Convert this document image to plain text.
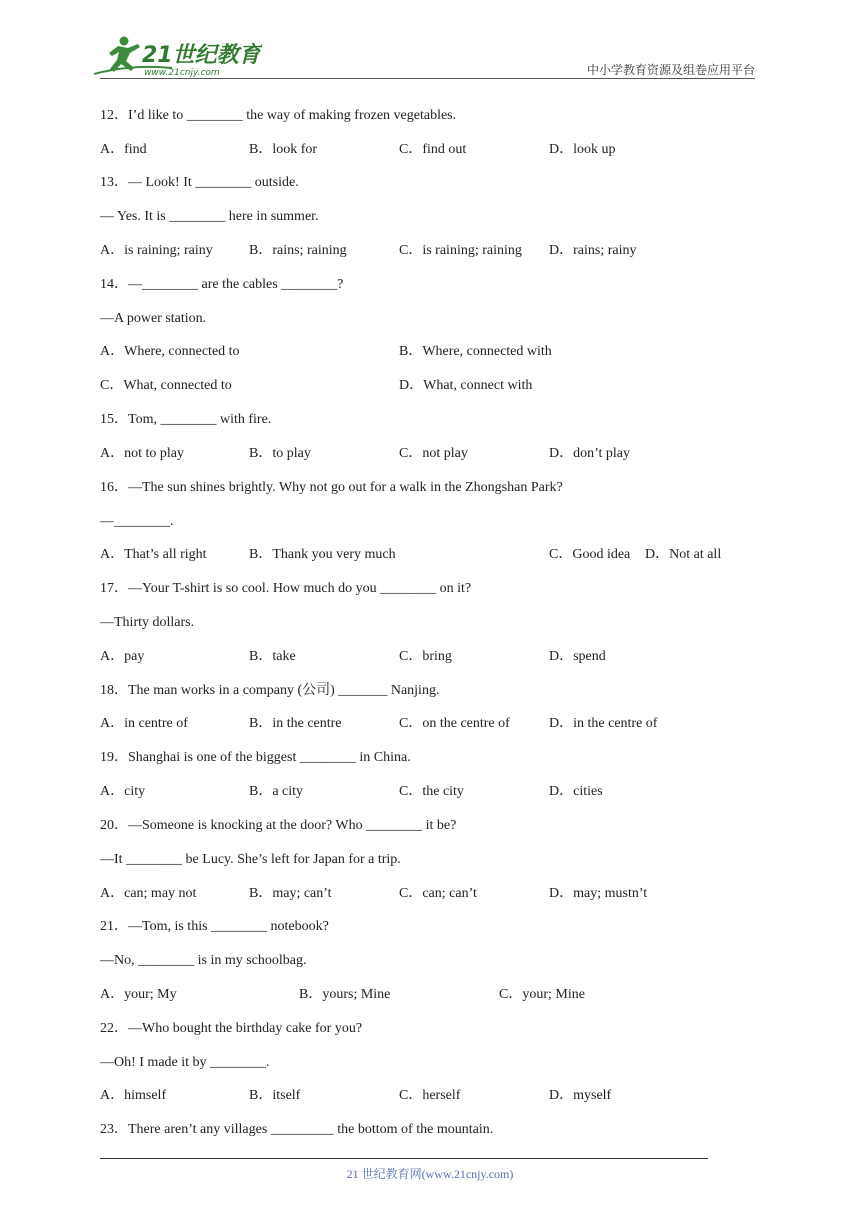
21世纪教育
www.21cnjy.com	中小学教育资源及组卷应用平台
12．I’d like to ________ the way of making frozen vegetables.
A．find	B．look for	C．find out	D．look up
13．— Look! It ________ outside.
— Yes. It is ________ here in summer.
A．is raining; rainy	B．rains; raining	C．is raining; raining D．rains; rainy
14．—________ are the cables ________?
—A power station.
A．Where, connected to	B．Where, connected with
C．What, connected to	D．What, connect with
15．Tom, ________ with fire.
A．not to play	B．to play	C．not play	D．don’t play
16．—The sun shines brightly. Why not go out for a walk in the Zhongshan Park?
—________.
A．That’s all right	B．Thank you very much	C．Good idea D．Not at all
17．—Your T-shirt is so cool. How much do you ________ on it?
—Thirty dollars.
A．pay	B．take	C．bring	D．spend
18．The man works in a company (公司) _______ Nanjing.
A．in centre of	B．in the centre	C．on the centre of	D．in the centre of
19．Shanghai is one of the biggest ________ in China.
A．city	B．a city	C．the city	D．cities
20．—Someone is knocking at the door? Who ________ it be?
—It ________ be Lucy. She’s left for Japan for a trip.
A．can; may not	B．may; can’t	C．can; can’t	D．may; mustn’t
21．—Tom, is this ________ notebook?
—No, ________ is in my schoolbag.
A．your; My	B．yours; Mine	C．your; Mine
22．—Who bought the birthday cake for you?
—Oh! I made it by ________.
A．himself	B．itself	C．herself	D．myself
23．There aren’t any villages _________ the bottom of the mountain.
21 世纪教育网(www.21cnjy.com)
